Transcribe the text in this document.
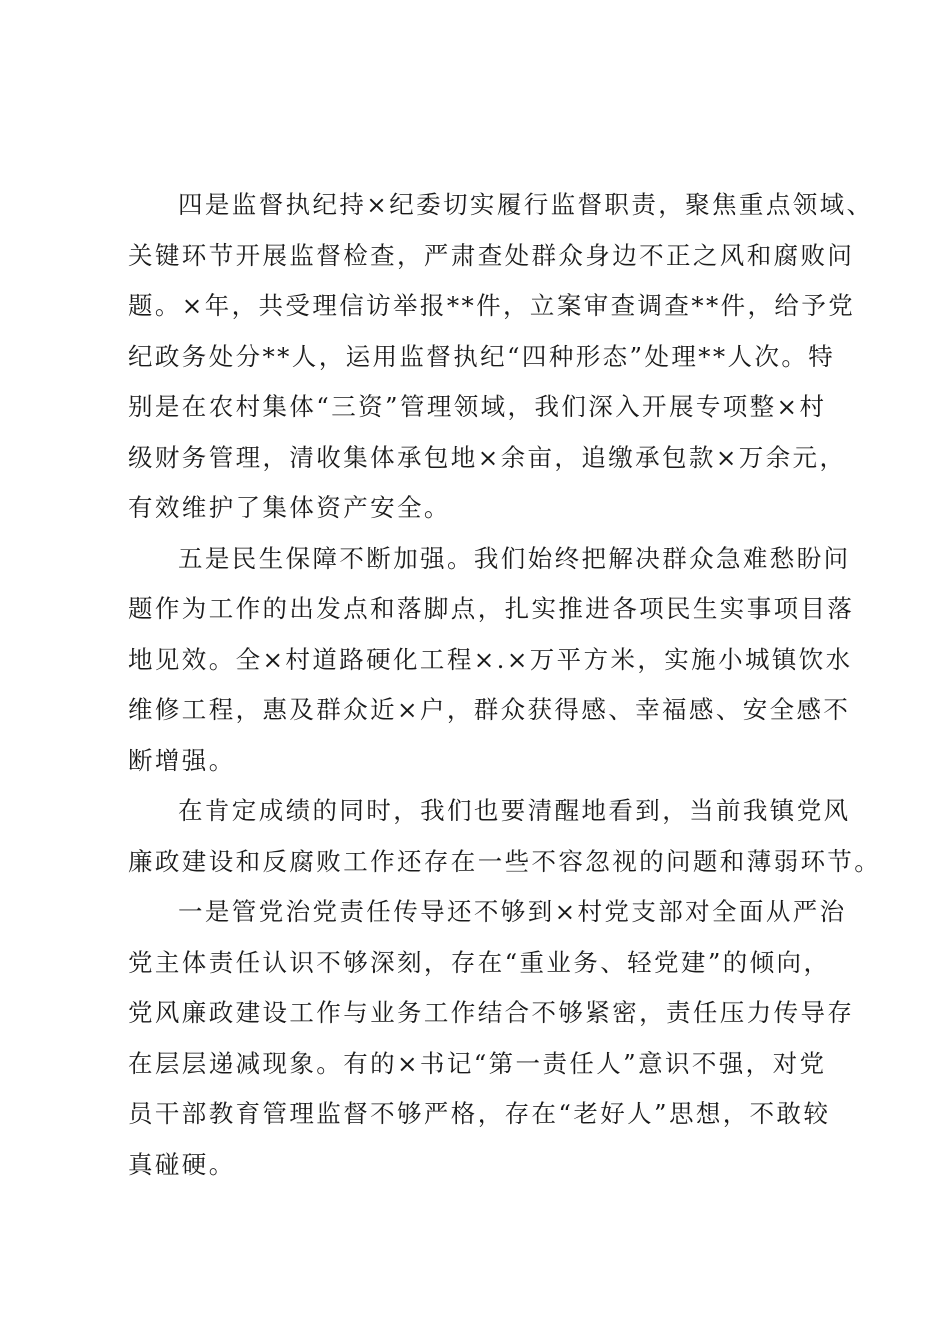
四是监督执纪持×纪委切实履行监督职责，聚焦重点领域、
关键环节开展监督检查，严肃查处群众身边不正之风和腐败问
题。×年，共受理信访举报**件，立案审查调查**件，给予党
纪政务处分**人，运用监督执纪“四种形态”处理**人次。特
别是在农村集体“三资”管理领域，我们深入开展专项整×村
级财务管理，清收集体承包地×余亩，追缴承包款×万余元，
有效维护了集体资产安全。
五是民生保障不断加强。我们始终把解决群众急难愁盼问
题作为工作的出发点和落脚点，扎实推进各项民生实事项目落
地见效。全×村道路硬化工程×.×万平方米，实施小城镇饮水
维修工程，惠及群众近×户，群众获得感、幸福感、安全感不
断增强。
在肯定成绩的同时，我们也要清醒地看到，当前我镇党风
廉政建设和反腐败工作还存在一些不容忽视的问题和薄弱环节。
一是管党治党责任传导还不够到×村党支部对全面从严治
党主体责任认识不够深刻，存在“重业务、轻党建”的倾向，
党风廉政建设工作与业务工作结合不够紧密，责任压力传导存
在层层递减现象。有的×书记“第一责任人”意识不强，对党
员干部教育管理监督不够严格，存在“老好人”思想，不敢较
真碰硬。
